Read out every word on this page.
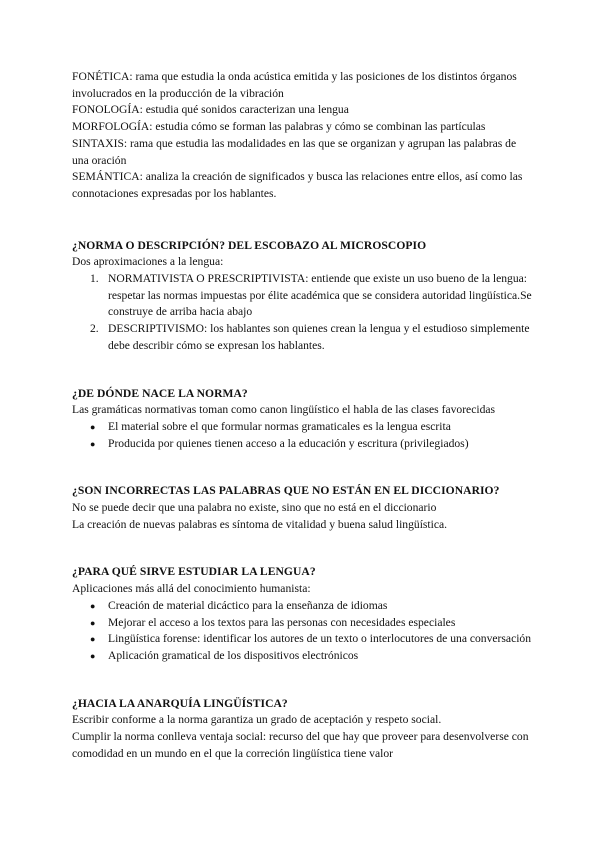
FONÉTICA: rama que estudia la onda acústica emitida y las posiciones de los distintos órganos involucrados en la producción de la vibración

FONOLOGÍA: estudia qué sonidos caracterizan una lengua

MORFOLOGÍA: estudia cómo se forman las palabras y cómo se combinan las partículas

SINTAXIS: rama que estudia las modalidades en las que se organizan y agrupan las palabras de una oración

SEMÁNTICA: analiza la creación de significados y busca las relaciones entre ellos, así como las connotaciones expresadas por los hablantes.

¿NORMA O DESCRIPCIÓN? DEL ESCOBAZO AL MICROSCOPIO

Dos aproximaciones a la lengua:

1. NORMATIVISTA O PRESCRIPTIVISTA: entiende que existe un uso bueno de la lengua: respetar las normas impuestas por élite académica que se considera autoridad lingüística.Se construye de arriba hacia abajo
2. DESCRIPTIVISMO: los hablantes son quienes crean la lengua y el estudioso simplemente debe describir cómo se expresan los hablantes.

¿DE DÓNDE NACE LA NORMA?

Las gramáticas normativas toman como canon lingüístico el habla de las clases favorecidas

● El material sobre el que formular normas gramaticales es la lengua escrita
● Producida por quienes tienen acceso a la educación y escritura (privilegiados)

¿SON INCORRECTAS LAS PALABRAS QUE NO ESTÁN EN EL DICCIONARIO?

No se puede decir que una palabra no existe, sino que no está en el diccionario

La creación de nuevas palabras es síntoma de vitalidad y buena salud lingüística.

¿PARA QUÉ SIRVE ESTUDIAR LA LENGUA?

Aplicaciones más allá del conocimiento humanista:

● Creación de material dicáctico para la enseñanza de idiomas
● Mejorar el acceso a los textos para las personas con necesidades especiales
● Lingüística forense: identificar los autores de un texto o interlocutores de una conversación
● Aplicación gramatical de los dispositivos electrónicos

¿HACIA LA ANARQUÍA LINGÜÍSTICA?

Escribir conforme a la norma garantiza un grado de aceptación y respeto social.

Cumplir la norma conlleva ventaja social: recurso del que hay que proveer para desenvolverse con comodidad en un mundo en el que la correción lingüística tiene valor
